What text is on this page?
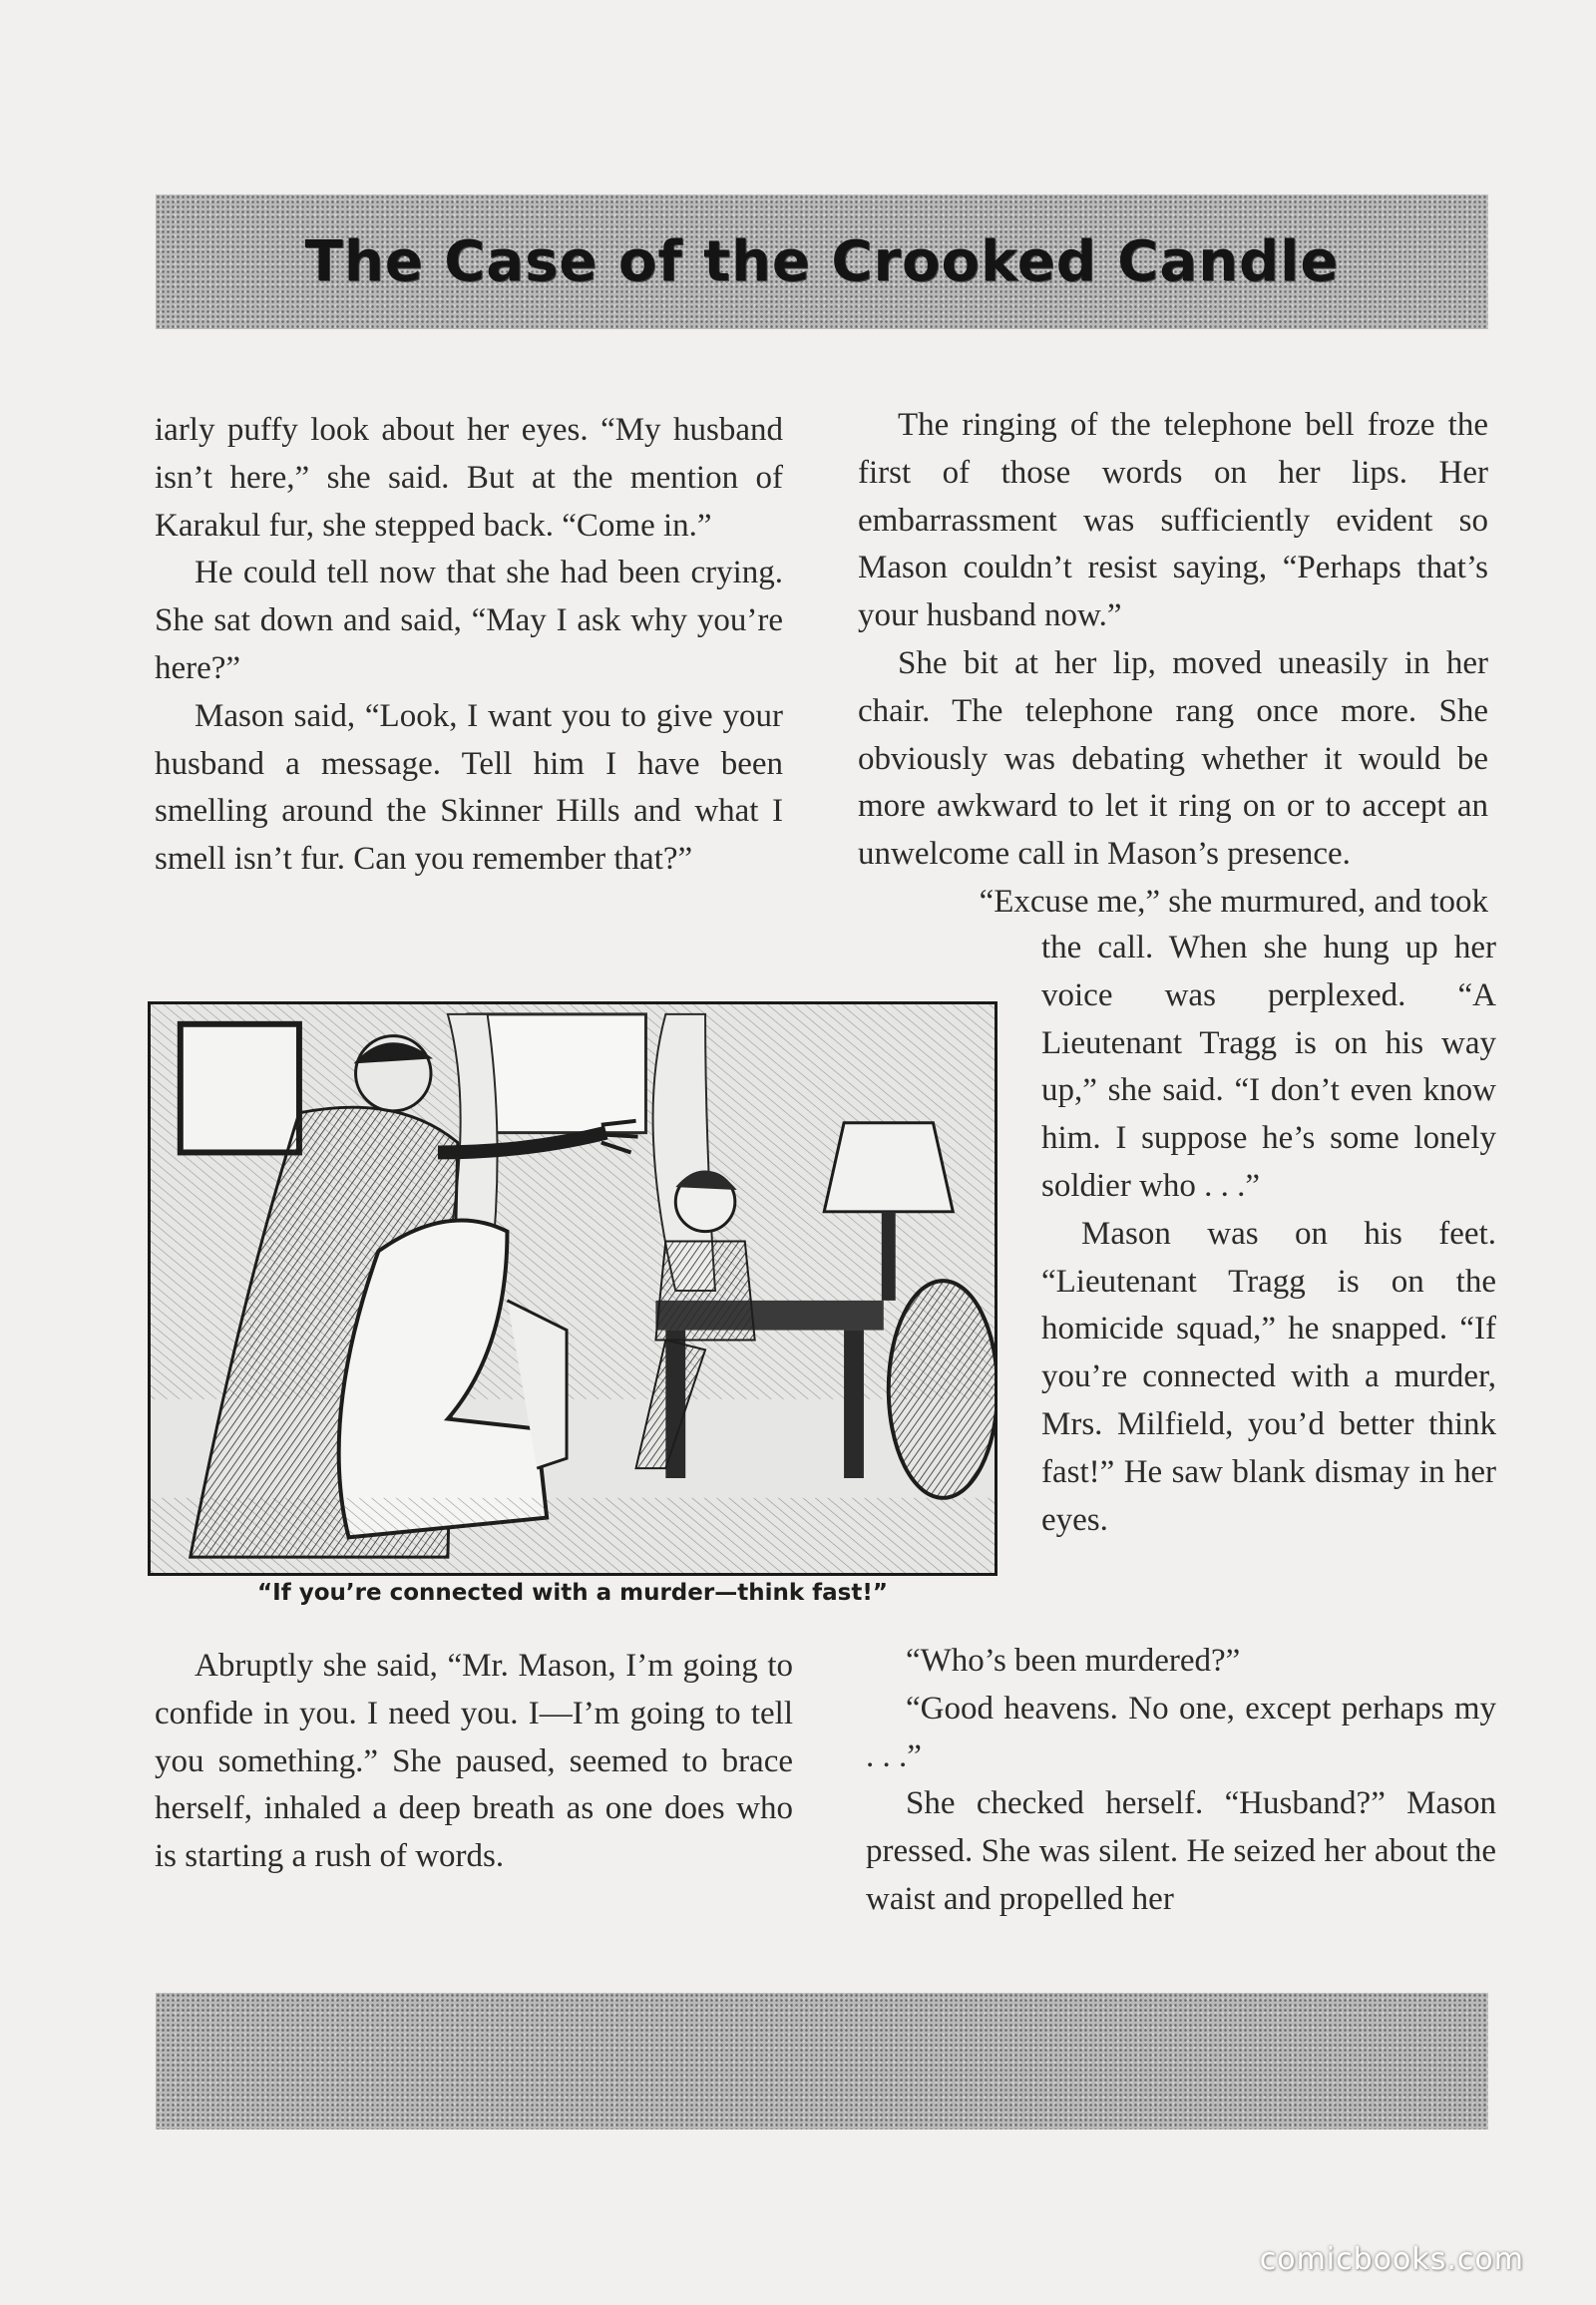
The Case of the Crooked Candle

iarly puffy look about her eyes. “My husband isn’t here,” she said. But at the mention of Karakul fur, she stepped back. “Come in.”

He could tell now that she had been crying. She sat down and said, “May I ask why you’re here?”

Mason said, “Look, I want you to give your husband a message. Tell him I have been smelling around the Skinner Hills and what I smell isn’t fur. Can you remember that?”

“If you’re connected with a murder—think fast!”

Abruptly she said, “Mr. Mason, I’m going to confide in you. I need you. I—I’m going to tell you something.” She paused, seemed to brace herself, inhaled a deep breath as one does who is starting a rush of words.

The ringing of the telephone bell froze the first of those words on her lips. Her embarrassment was sufficiently evident so Mason couldn’t resist saying, “Perhaps that’s your husband now.”

She bit at her lip, moved uneasily in her chair. The telephone rang once more. She obviously was debating whether it would be more awkward to let it ring on or to accept an unwelcome call in Mason’s presence.

“Excuse me,” she murmured, and took

the call. When she hung up her voice was perplexed. “A Lieutenant Tragg is on his way up,” she said. “I don’t even know him. I suppose he’s some lonely soldier who . . .”

Mason was on his feet. “Lieutenant Tragg is on the homicide squad,” he snapped. “If you’re connected with a murder, Mrs. Milfield, you’d better think fast!” He saw blank dismay in her eyes.

“Who’s been murdered?”

“Good heavens. No one, except perhaps my . . .”

She checked herself. “Husband?” Mason pressed. She was silent. He seized her about the waist and propelled her

comicbooks.com
